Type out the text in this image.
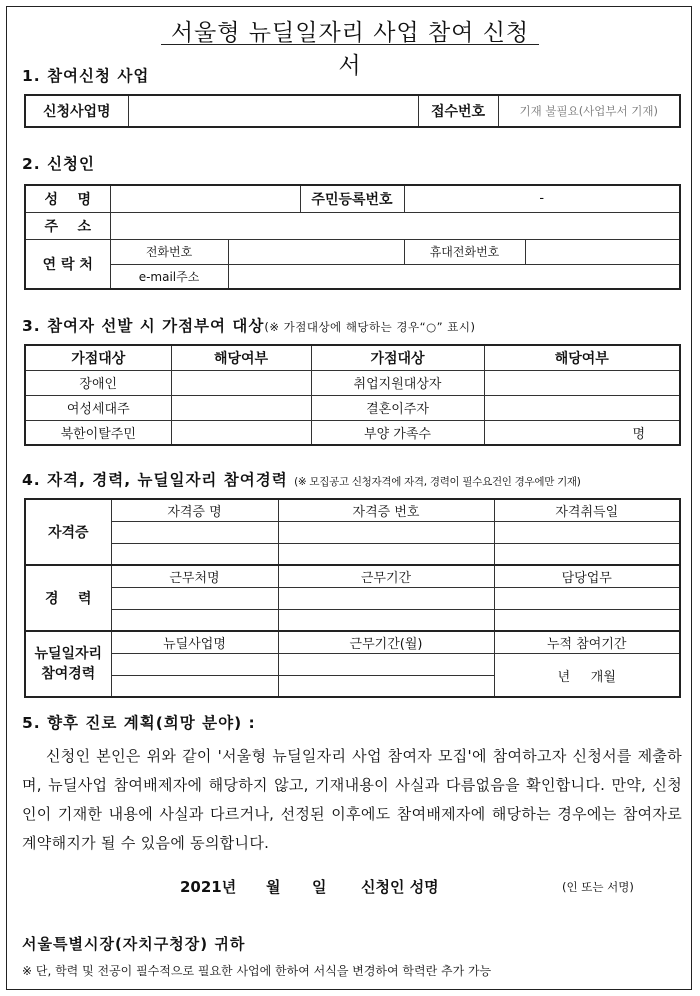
서울형 뉴딜일자리 사업 참여 신청서
1. 참여신청 사업
신청사업명		접수번호	기재 불필요(사업부서 기재)
2. 신청인
성    명			주민등록번호	-	
주    소					
연 락 처	전화번호			휴대전화번호	
	e-mail주소				
3. 참여자 선발 시 가점부여 대상(※ 가점대상에 해당하는 경우“○” 표시)
가점대상	해당여부	가점대상	해당여부
장애인		취업지원대상자	
여성세대주		결혼이주자	
북한이탈주민		부양 가족수	명
4. 자격, 경력, 뉴딜일자리 참여경력 (※ 모집공고 신청자격에 자격, 경력이 필수요건인 경우에만 기재)
자격증	자격증 명	자격증 번호	자격취득일

경    력	근무처명	근무기간	담당업무

뉴딜일자리
참여경력	뉴딜사업명	근무기간(월)	누적 참여기간
			년     개월

5. 향후 진로 계획(희망 분야) :
신청인 본인은 위와 같이 '서울형 뉴딜일자리 사업 참여자 모집'에 참여하고자 신청서를 제출하며, 뉴딜사업 참여배제자에 해당하지 않고, 기재내용이 사실과 다름없음을 확인합니다. 만약, 신청인이 기재한 내용에 사실과 다르거나, 선정된 이후에도 참여배제자에 해당하는 경우에는 참여자로 계약해지가 될 수 있음에 동의합니다.
2021년 월 일 신청인 성명	(인 또는 서명)
서울특별시장(자치구청장) 귀하
※ 단, 학력 및 전공이 필수적으로 필요한 사업에 한하여 서식을 변경하여 학력란 추가 가능
